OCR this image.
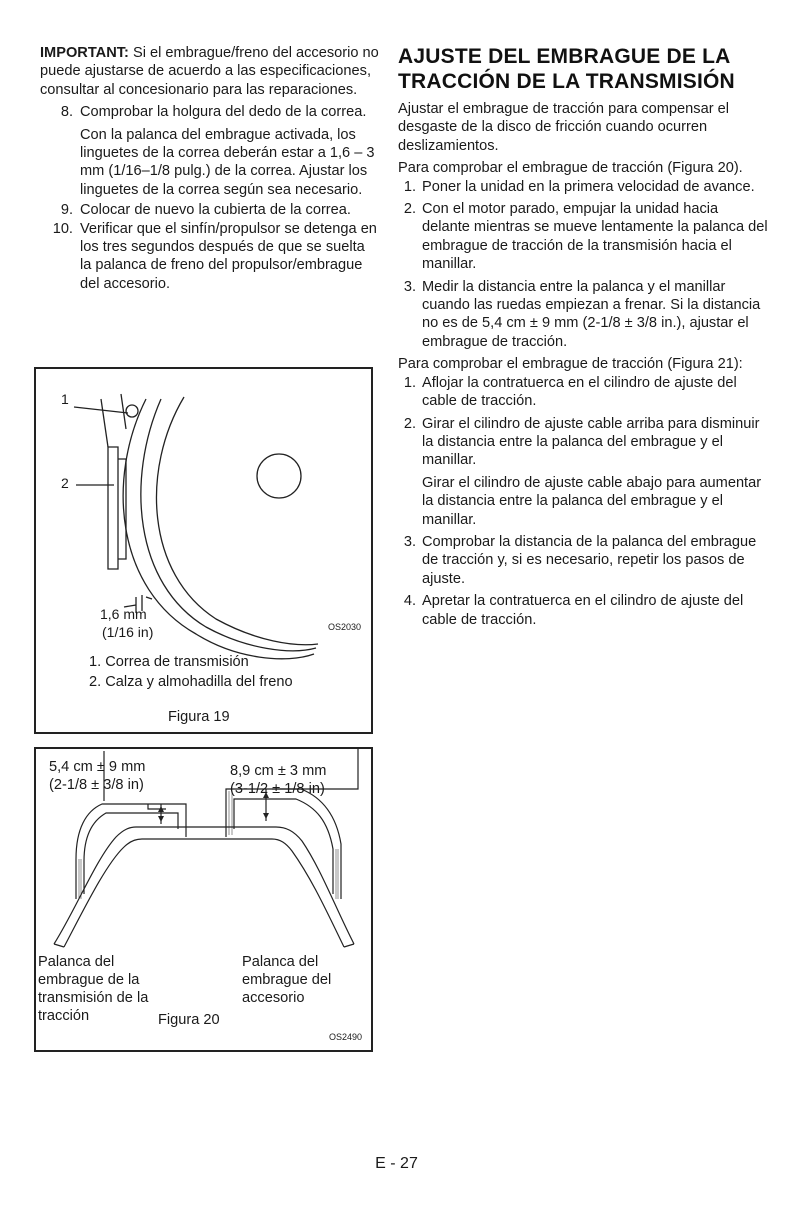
IMPORTANT: Si el embrague/freno del accesorio no puede ajustarse de acuerdo a las especificaciones, consultar al concesionario para las reparaciones.

8. Comprobar la holgura del dedo de la correa.

Con la palanca del embrague activada, los linguetes de la correa deberán estar a 1,6 – 3 mm (1/16–1/8 pulg.) de la correa. Ajustar los linguetes de la correa según sea necesario.

9. Colocar de nuevo la cubierta de la correa.

10. Verificar que el sinfín/propulsor se detenga en los tres segundos después de que se suelta la palanca de freno del propulsor/embrague del accesorio.

1
2
1,6 mm
(1/16 in)	OS2030
1. Correa de transmisión
2. Calza y almohadilla del freno
Figura 19
5,4 cm ± 9 mm
(2-1/8 ± 3/8 in)
8,9 cm ± 3 mm
(3-1/2 ± 1/8 in)
Palanca del
embrague de la
transmisión de la
tracción
Palanca del
embrague del
accesorio
Figura 20
OS2490
AJUSTE DEL EMBRAGUE DE LA
TRACCIÓN DE LA TRANSMISIÓN

Ajustar el embrague de tracción para compensar el desgaste de la disco de fricción cuando ocurren deslizamientos.

Para comprobar el embrague de tracción (Figura 20).

1. Poner la unidad en la primera velocidad de avance.

2. Con el motor parado, empujar la unidad hacia delante mientras se mueve lentamente la palanca del embrague de tracción de la transmisión hacia el manillar.

3. Medir la distancia entre la palanca y el manillar cuando las ruedas empiezan a frenar. Si la distancia no es de 5,4 cm ± 9 mm (2-1/8 ± 3/8 in.), ajustar el embrague de tracción.

Para comprobar el embrague de tracción (Figura 21):

1. Aflojar la contratuerca en el cilindro de ajuste del cable de tracción.

2. Girar el cilindro de ajuste cable arriba para disminuir la distancia entre la palanca del embrague y el manillar.

Girar el cilindro de ajuste cable abajo para aumentar la distancia entre la palanca del embrague y el manillar.

3. Comprobar la distancia de la palanca del embrague de tracción y, si es necesario, repetir los pasos de ajuste.

4. Apretar la contratuerca en el cilindro de ajuste del cable de tracción.

E - 27
